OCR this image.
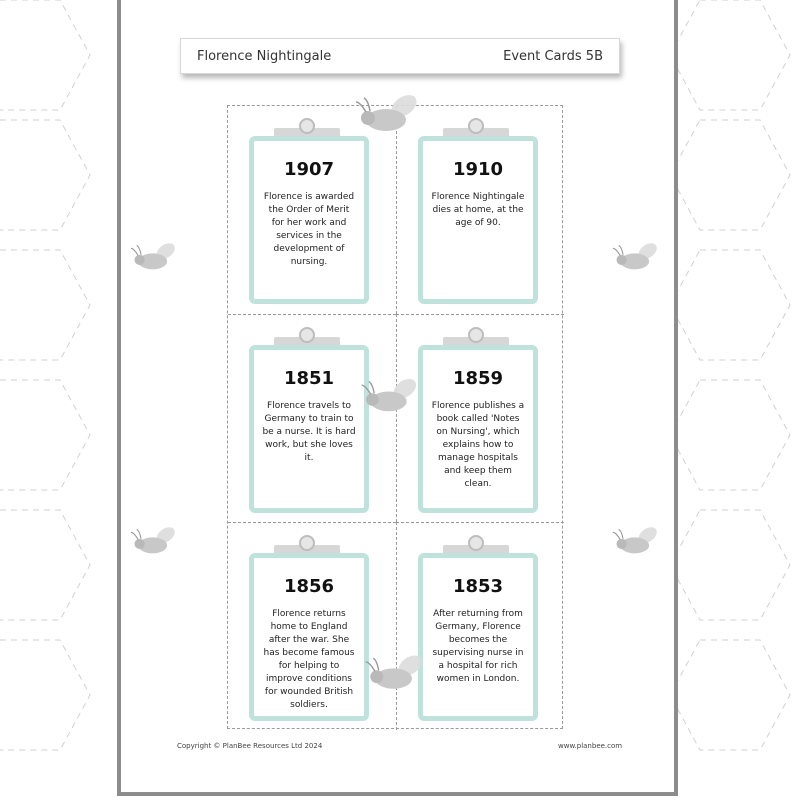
Florence Nightingale	Event Cards 5B
1907
Florence is awarded the Order of Merit for her work and services in the development of nursing.
1910
Florence Nightingale dies at home, at the age of 90.
1851
Florence travels to Germany to train to be a nurse. It is hard work, but she loves it.
1859
Florence publishes a book called 'Notes on Nursing', which explains how to manage hospitals and keep them clean.
1856
Florence returns home to England after the war. She has become famous for helping to improve conditions for wounded British soldiers.
1853
After returning from Germany, Florence becomes the supervising nurse in a hospital for rich women in London.
Copyright © PlanBee Resources Ltd 2024	www.planbee.com
